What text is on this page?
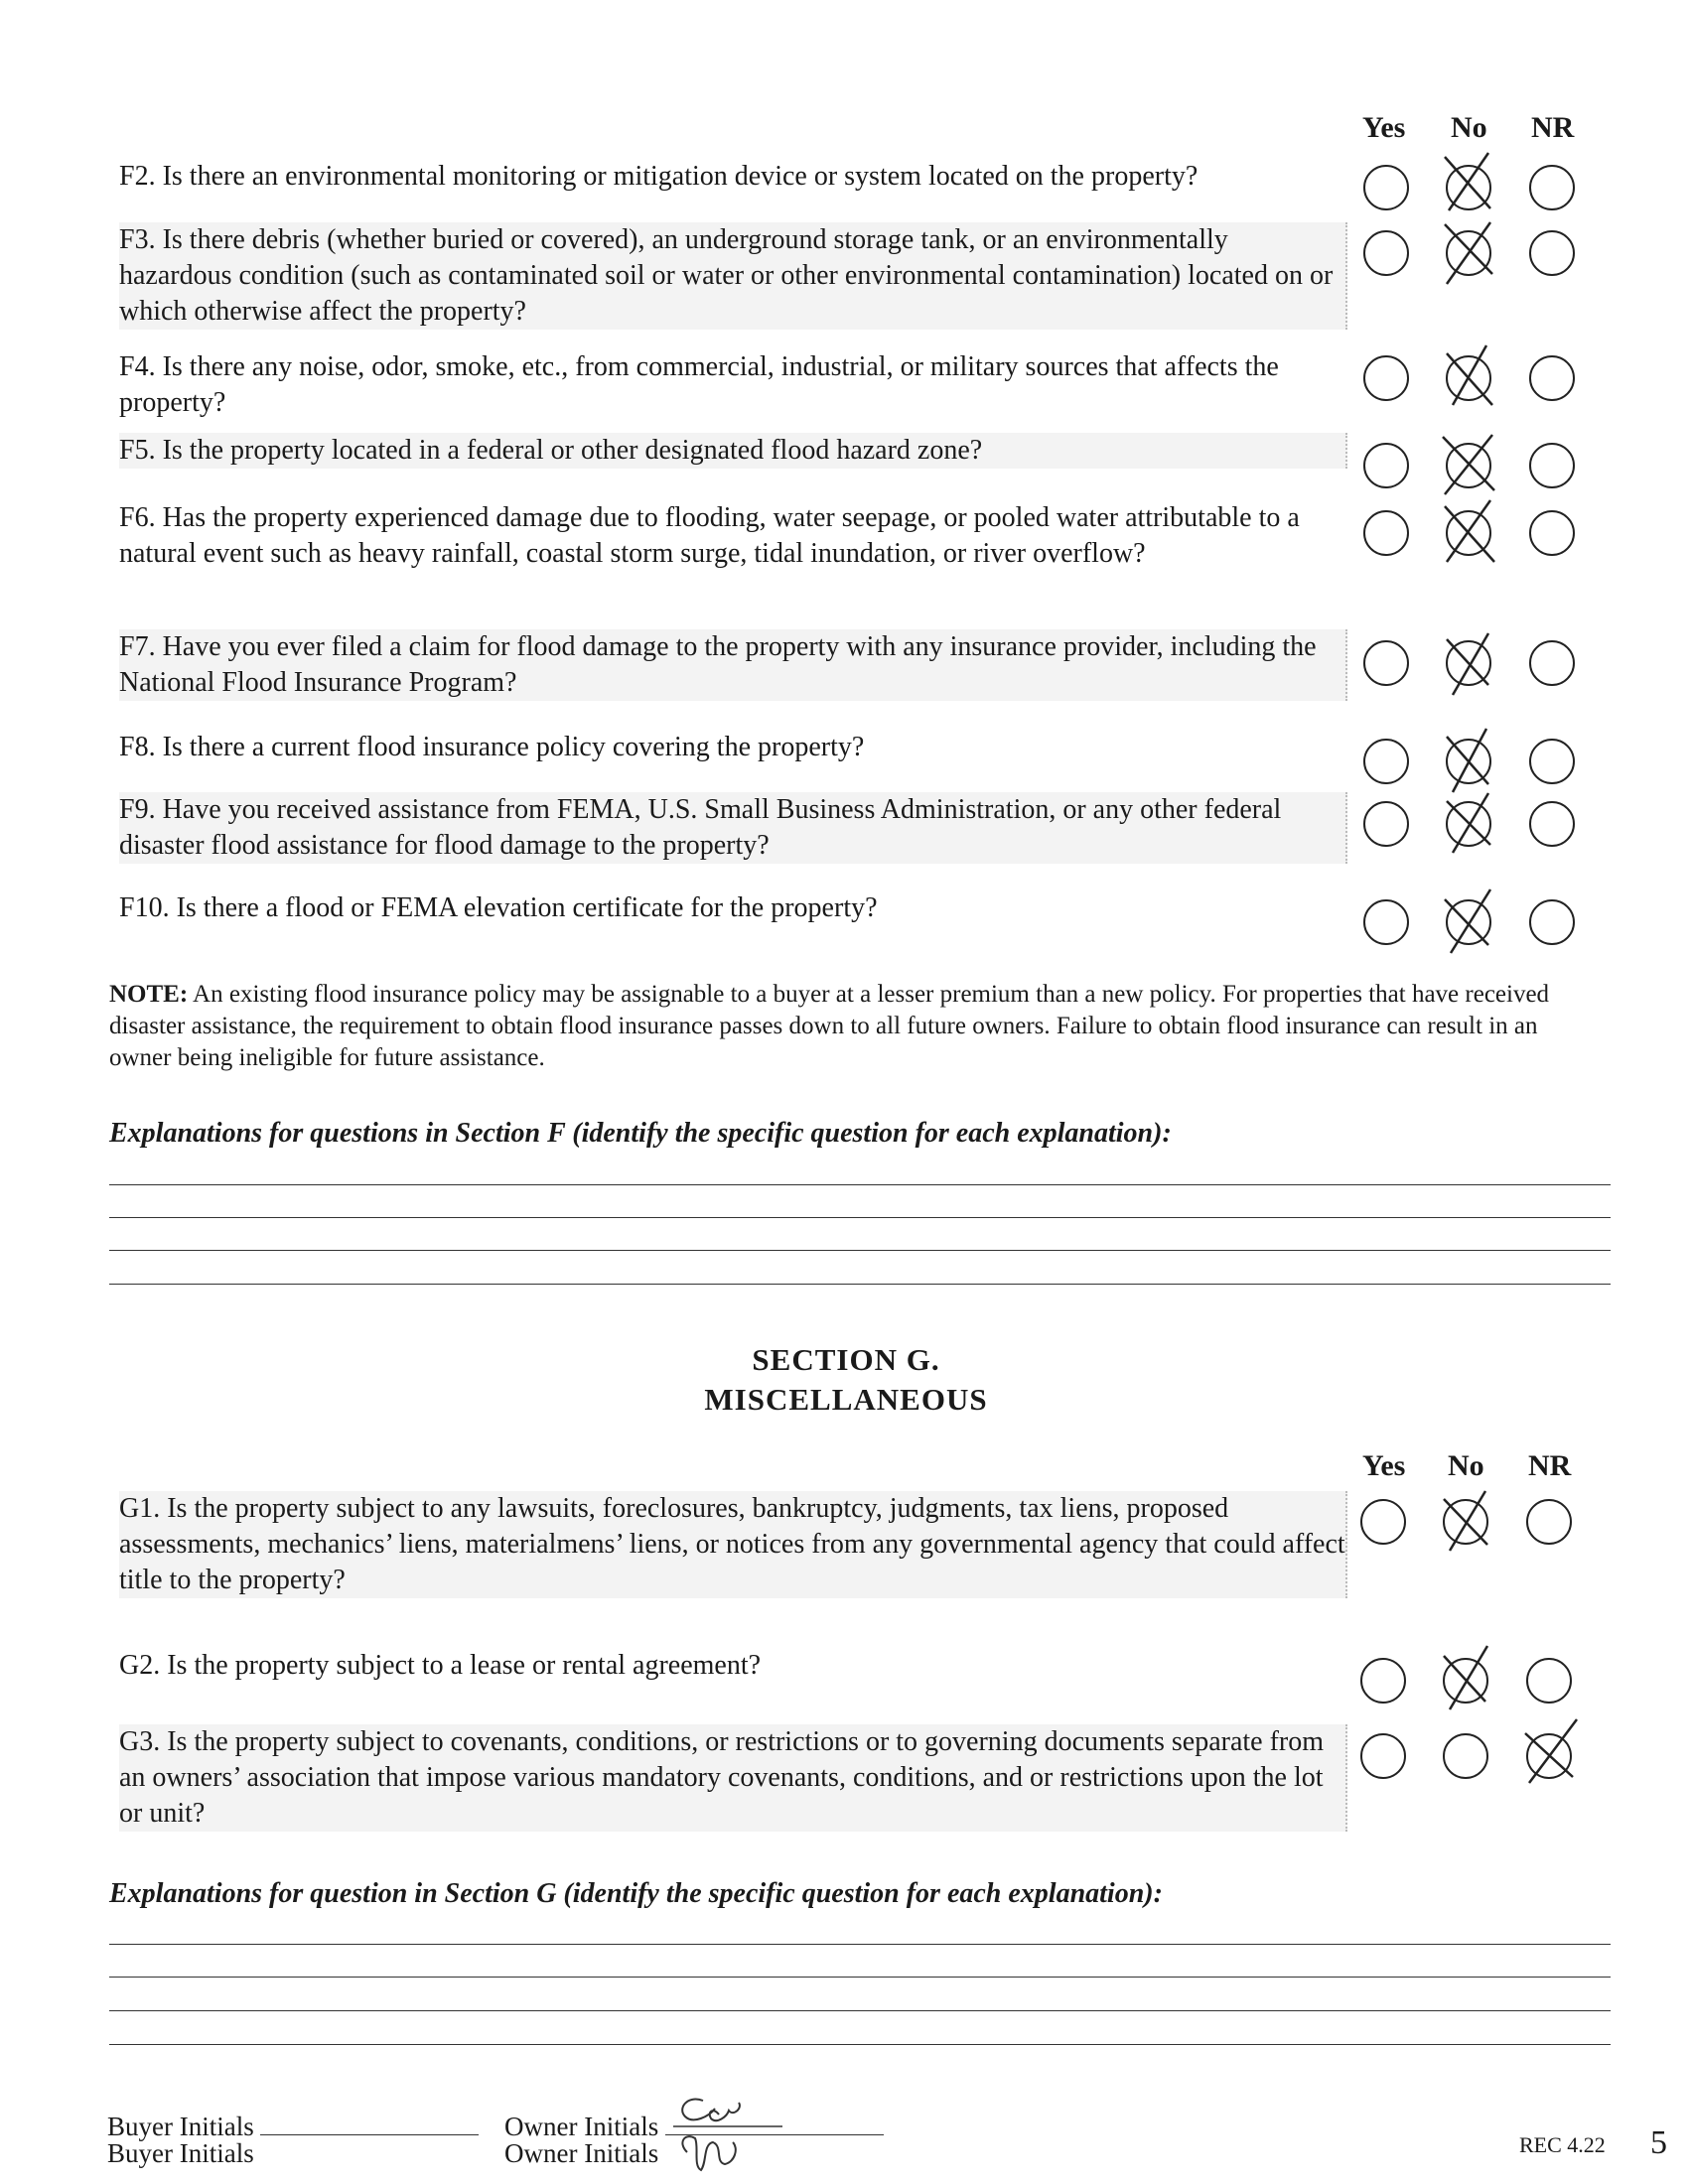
Yes No NR
F2. Is there an environmental monitoring or mitigation device or system located on the property?
F3. Is there debris (whether buried or covered), an underground storage tank, or an environmentally hazardous condition (such as contaminated soil or water or other environmental contamination) located on or which otherwise affect the property?
F4. Is there any noise, odor, smoke, etc., from commercial, industrial, or military sources that affects the property?
F5. Is the property located in a federal or other designated flood hazard zone?
F6. Has the property experienced damage due to flooding, water seepage, or pooled water attributable to a natural event such as heavy rainfall, coastal storm surge, tidal inundation, or river overflow?
F7. Have you ever filed a claim for flood damage to the property with any insurance provider, including the National Flood Insurance Program?
F8. Is there a current flood insurance policy covering the property?
F9. Have you received assistance from FEMA, U.S. Small Business Administration, or any other federal disaster flood assistance for flood damage to the property?
F10. Is there a flood or FEMA elevation certificate for the property?
NOTE: An existing flood insurance policy may be assignable to a buyer at a lesser premium than a new policy. For properties that have received disaster assistance, the requirement to obtain flood insurance passes down to all future owners. Failure to obtain flood insurance can result in an owner being ineligible for future assistance.
Explanations for questions in Section F (identify the specific question for each explanation):
SECTION G.
MISCELLANEOUS
Yes No NR
G1. Is the property subject to any lawsuits, foreclosures, bankruptcy, judgments, tax liens, proposed assessments, mechanics’ liens, materialmens’ liens, or notices from any governmental agency that could affect title to the property?
G2. Is the property subject to a lease or rental agreement?
G3. Is the property subject to covenants, conditions, or restrictions or to governing documents separate from an owners’ association that impose various mandatory covenants, conditions, and or restrictions upon the lot or unit?
Explanations for question in Section G (identify the specific question for each explanation):
Buyer Initials
Buyer Initials
Owner Initials
Owner Initials	REC 4.22 5
